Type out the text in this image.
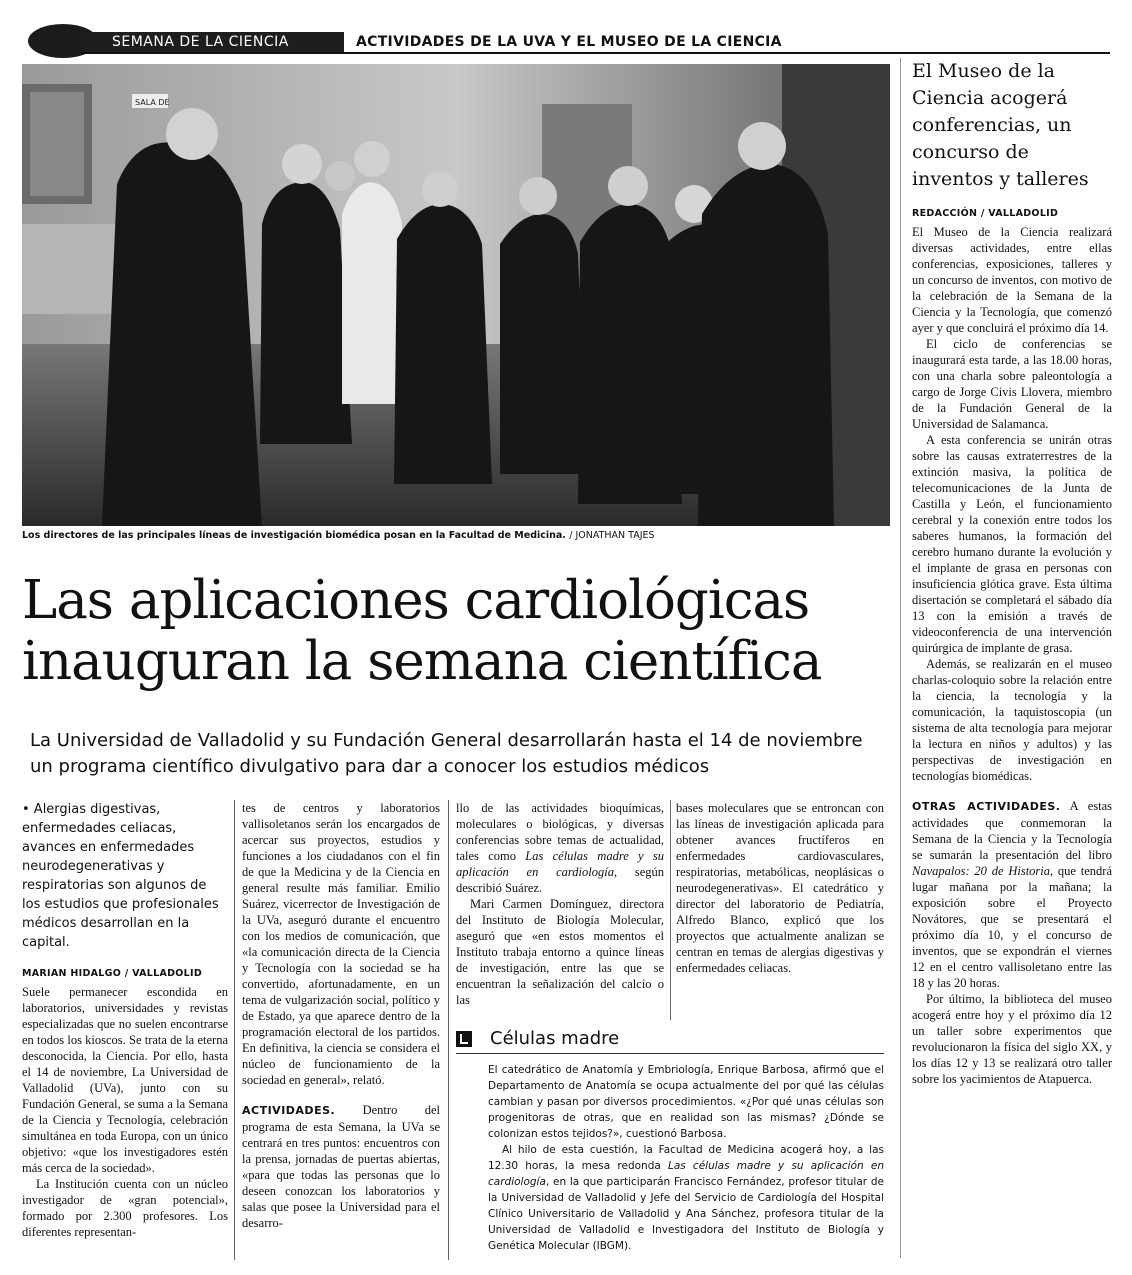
SEMANA DE LA CIENCIA	ACTIVIDADES DE LA UVA Y EL MUSEO DE LA CIENCIA
SALA DE
Los directores de las principales líneas de investigación biomédica posan en la Facultad de Medicina. / JONATHAN TAJES
Las aplicaciones cardiológicas inauguran la semana científica
La Universidad de Valladolid y su Fundación General desarrollarán hasta el 14 de noviembre un programa científico divulgativo para dar a conocer los estudios médicos
• Alergias digestivas, enfermedades celiacas, avances en enfermedades neurodegenerativas y respiratorias son algunos de los estudios que profesionales médicos desarrollan en la capital.
MARIAN HIDALGO / VALLADOLID

Suele permanecer escondida en laboratorios, universidades y revistas especializadas que no suelen encontrarse en todos los kioscos. Se trata de la eterna desconocida, la Ciencia. Por ello, hasta el 14 de noviembre, La Universidad de Valladolid (UVa), junto con su Fundación General, se suma a la Semana de la Ciencia y Tecnología, celebración simultánea en toda Europa, con un único objetivo: «que los investigadores estén más cerca de la sociedad».

La Institución cuenta con un núcleo investigador de «gran potencial», formado por 2.300 profesores. Los diferentes representan-

tes de centros y laboratorios vallisoletanos serán los encargados de acercar sus proyectos, estudios y funciones a los ciudadanos con el fin de que la Medicina y de la Ciencia en general resulte más familiar. Emilio Suárez, vicerrector de Investigación de la UVa, aseguró durante el encuentro con los medios de comunicación, que «la comunicación directa de la Ciencia y Tecnología con la sociedad se ha convertido, afortunadamente, en un tema de vulgarización social, político y de Estado, ya que aparece dentro de la programación electoral de los partidos. En definitiva, la ciencia se considera el núcleo de funcionamiento de la sociedad en general», relató.

ACTIVIDADES. Dentro del programa de esta Semana, la UVa se centrará en tres puntos: encuentros con la prensa, jornadas de puertas abiertas, «para que todas las personas que lo deseen conozcan los laboratorios y salas que posee la Universidad para el desarro-

llo de las actividades bioquímicas, moleculares o biológicas, y diversas conferencias sobre temas de actualidad, tales como Las células madre y su aplicación en cardiología, según describió Suárez.

Mari Carmen Domínguez, directora del Instituto de Biología Molecular, aseguró que «en estos momentos el Instituto trabaja entorno a quince líneas de investigación, entre las que se encuentran la señalización del calcio o las

bases moleculares que se entroncan con las líneas de investigación aplicada para obtener avances fructíferos en enfermedades cardiovasculares, respiratorias, metabólicas, neoplásicas o neurodegenerativas». El catedrático y director del laboratorio de Pediatría, Alfredo Blanco, explicó que los proyectos que actualmente analizan se centran en temas de alergias digestivas y enfermedades celiacas.

Células madre

El catedrático de Anatomía y Embriología, Enrique Barbosa, afirmó que el Departamento de Anatomía se ocupa actualmente del por qué las células cambian y pasan por diversos procedimientos. «¿Por qué unas células son progenitoras de otras, que en realidad son las mismas? ¿Dónde se colonizan estos tejidos?», cuestionó Barbosa.

Al hilo de esta cuestión, la Facultad de Medicina acogerá hoy, a las 12.30 horas, la mesa redonda Las células madre y su aplicación en cardiología, en la que participarán Francisco Fernández, profesor titular de la Universidad de Valladolid y Jefe del Servicio de Cardiología del Hospital Clínico Universitario de Valladolid y Ana Sánchez, profesora titular de la Universidad de Valladolid e Investigadora del Instituto de Biología y Genética Molecular (IBGM).

El Museo de la Ciencia acogerá conferencias, un concurso de inventos y talleres
REDACCIÓN / VALLADOLID

El Museo de la Ciencia realizará diversas actividades, entre ellas conferencias, exposiciones, talleres y un concurso de inventos, con motivo de la celebración de la Semana de la Ciencia y la Tecnología, que comenzó ayer y que concluirá el próximo día 14.

El ciclo de conferencias se inaugurará esta tarde, a las 18.00 horas, con una charla sobre paleontología a cargo de Jorge Civis Llovera, miembro de la Fundación General de la Universidad de Salamanca.

A esta conferencia se unirán otras sobre las causas extraterrestres de la extinción masiva, la política de telecomunicaciones de la Junta de Castilla y León, el funcionamiento cerebral y la conexión entre todos los saberes humanos, la formación del cerebro humano durante la evolución y el implante de grasa en personas con insuficiencia glótica grave. Esta última disertación se completará el sábado día 13 con la emisión a través de videoconferencia de una intervención quirúrgica de implante de grasa.

Además, se realizarán en el museo charlas-coloquio sobre la relación entre la ciencia, la tecnología y la comunicación, la taquistoscopia (un sistema de alta tecnología para mejorar la lectura en niños y adultos) y las perspectivas de investigación en tecnologías biomédicas.

OTRAS ACTIVIDADES. A estas actividades que conmemoran la Semana de la Ciencia y la Tecnología se sumarán la presentación del libro Navapalos: 20 de Historia, que tendrá lugar mañana por la mañana; la exposición sobre el Proyecto Novátores, que se presentará el próximo día 10, y el concurso de inventos, que se expondrán el viernes 12 en el centro vallisoletano entre las 18 y las 20 horas.

Por último, la biblioteca del museo acogerá entre hoy y el próximo día 12 un taller sobre experimentos que revolucionaron la física del siglo XX, y los días 12 y 13 se realizará otro taller sobre los yacimientos de Atapuerca.
